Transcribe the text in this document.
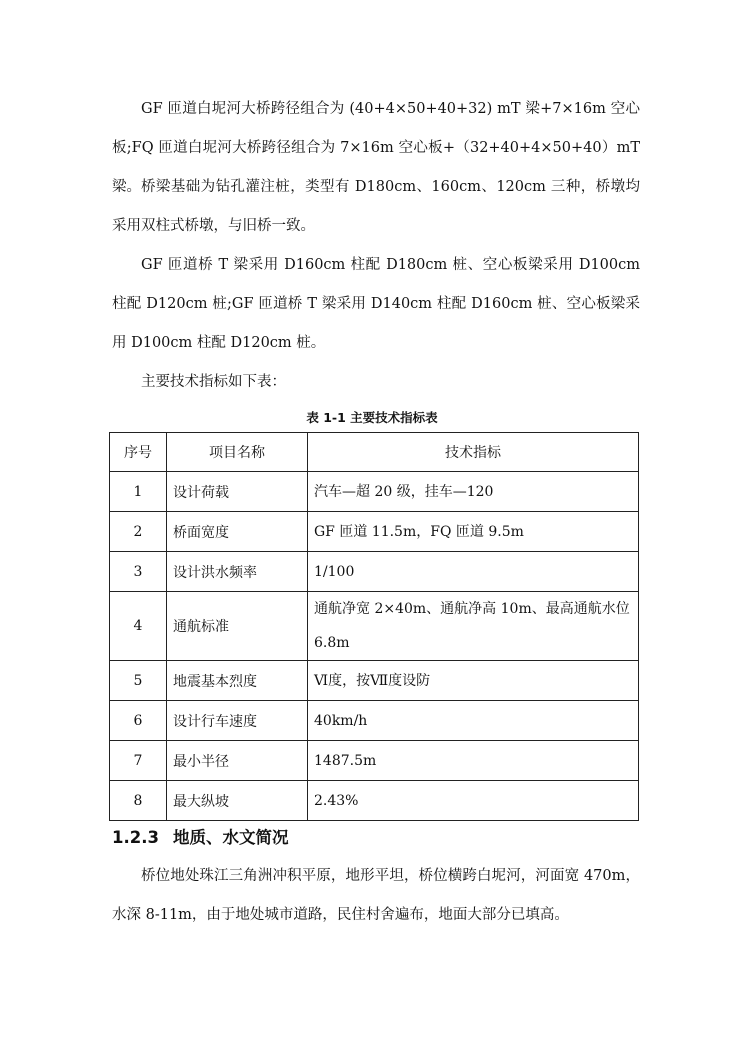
GF 匝道白坭河大桥跨径组合为 (40+4×50+40+32) mT 梁+7×16m 空心板;FQ 匝道白坭河大桥跨径组合为 7×16m 空心板+（32+40+4×50+40）mT 梁。 桥梁基础为钻孔灌注桩，类型有 D180cm、160cm、120cm 三种，桥墩均采用双柱式桥墩，与旧桥一致。

GF 匝道桥 T 梁采用 D160cm 柱配 D180cm 桩、空心板梁采用 D100cm 柱配 D120cm 桩;GF 匝道桥 T 梁采用 D140cm 柱配 D160cm 桩、空心板梁采用 D100cm 柱配 D120cm 桩。

主要技术指标如下表：

表 1-1 主要技术指标表
序号	项目名称	技术指标
1	设计荷载	汽车—超 20 级，挂车—120
2	桥面宽度	GF 匝道 11.5m，FQ 匝道 9.5m
3	设计洪水频率	1/100
4	通航标准	通航净宽 2×40m、通航净高 10m、最高通航水位 6.8m
5	地震基本烈度	Ⅵ度，按Ⅶ度设防
6	设计行车速度	40km/h
7	最小半径	1487.5m
8	最大纵坡	2.43%
1.2.3 地质、水文简况

桥位地处珠江三角洲冲积平原，地形平坦，桥位横跨白坭河，河面宽 470m，水深 8-11m，由于地处城市道路，民住村舍遍布，地面大部分已填高。
